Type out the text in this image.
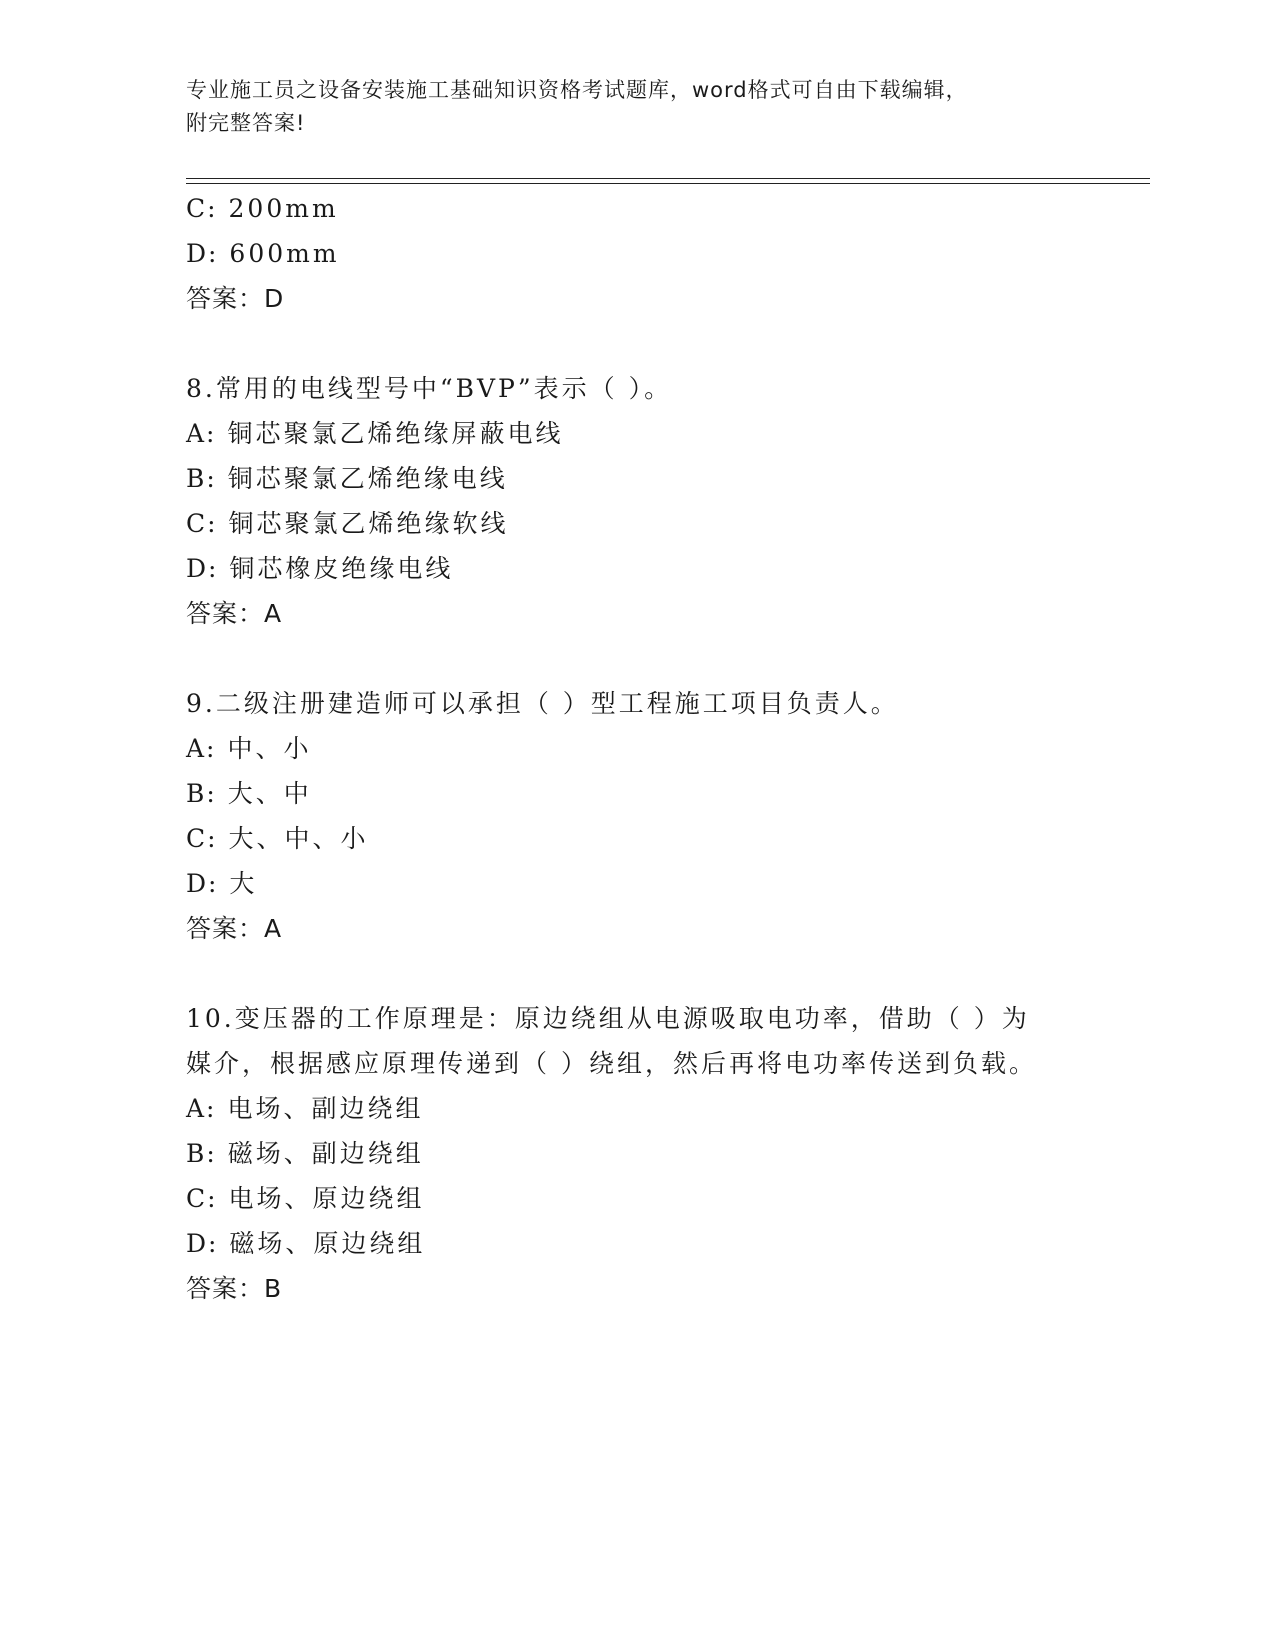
专业施工员之设备安装施工基础知识资格考试题库，word格式可自由下载编辑，
附完整答案!
C: 200mm
D: 600mm
答案：D
8.常用的电线型号中“BVP”表示（ ）。
A: 铜芯聚氯乙烯绝缘屏蔽电线
B: 铜芯聚氯乙烯绝缘电线
C: 铜芯聚氯乙烯绝缘软线
D: 铜芯橡皮绝缘电线
答案：A
9.二级注册建造师可以承担（ ）型工程施工项目负责人。
A: 中、小
B: 大、中
C: 大、中、小
D: 大
答案：A
10.变压器的工作原理是：原边绕组从电源吸取电功率，借助（ ）为
媒介，根据感应原理传递到（ ）绕组，然后再将电功率传送到负载。
A: 电场、副边绕组
B: 磁场、副边绕组
C: 电场、原边绕组
D: 磁场、原边绕组
答案：B
